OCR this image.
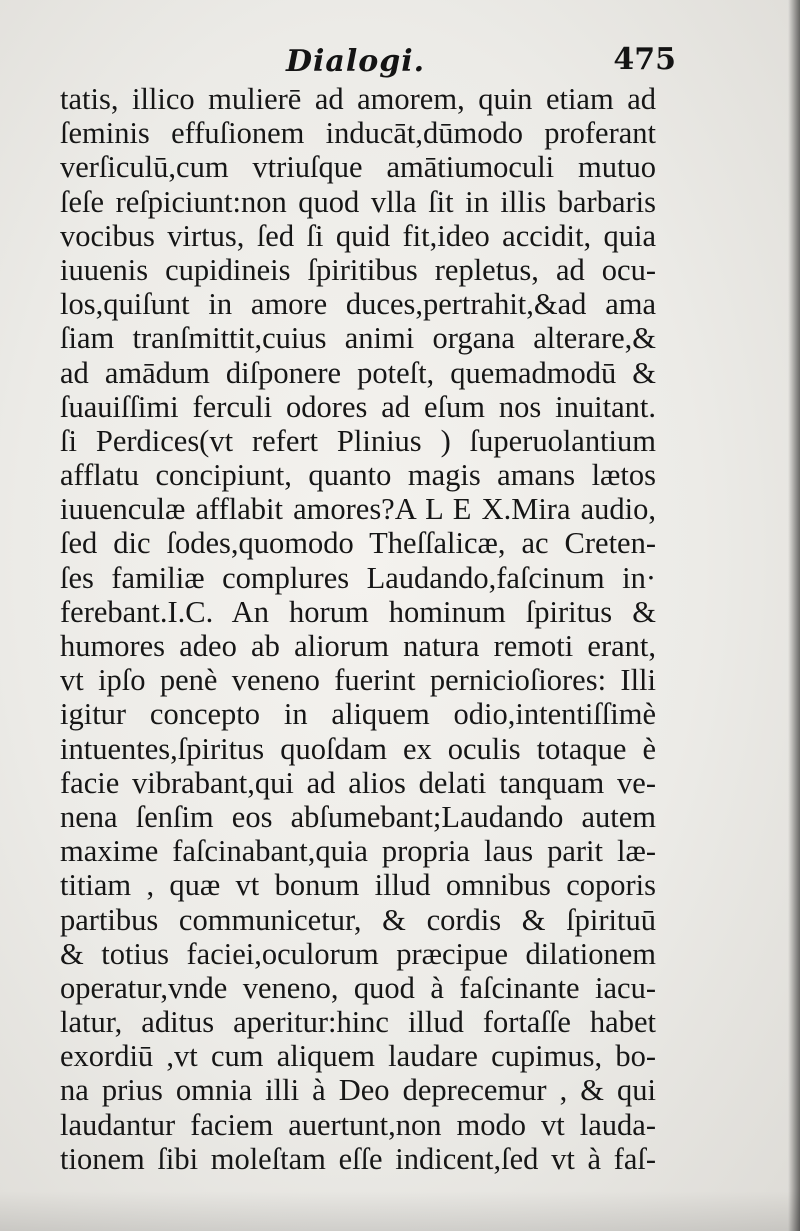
Dialogi.	475
tatis, illico mulierē ad amorem, quin etiam ad
ſeminis effuſionem inducāt,dūmodo proferant
verſiculū,cum vtriuſque amātiumoculi mutuo
ſeſe reſpiciunt:non quod vlla ſit in illis barbaris
vocibus virtus, ſed ſi quid fit,ideo accidit, quia
iuuenis cupidineis ſpiritibus repletus, ad ocu-
los,quiſunt in amore duces,pertrahit,&ad ama
ſiam tranſmittit,cuius animi organa alterare,&
ad amādum diſponere poteſt, quemadmodū &
ſuauiſſimi ferculi odores ad eſum nos inuitant.
ſi Perdices(vt refert Plinius ) ſuperuolantium
afflatu concipiunt, quanto magis amans lætos
iuuenculæ afflabit amores?A L E X.Mira audio,
ſed dic ſodes,quomodo Theſſalicæ, ac Creten-
ſes familiæ complures Laudando,faſcinum in·
ferebant.I.C. An horum hominum ſpiritus &
humores adeo ab aliorum natura remoti erant,
vt ipſo penè veneno fuerint pernicioſiores: Illi
igitur concepto in aliquem odio,intentiſſimè
intuentes,ſpiritus quoſdam ex oculis totaque è
facie vibrabant,qui ad alios delati tanquam ve-
nena ſenſim eos abſumebant;Laudando autem
maxime faſcinabant,quia propria laus parit læ-
titiam , quæ vt bonum illud omnibus coporis
partibus communicetur, & cordis & ſpirituū
& totius faciei,oculorum præcipue dilationem
operatur,vnde veneno, quod à faſcinante iacu-
latur, aditus aperitur:hinc illud fortaſſe habet
exordiū ,vt cum aliquem laudare cupimus, bo-
na prius omnia illi à Deo deprecemur , & qui
laudantur faciem auertunt,non modo vt lauda-
tionem ſibi moleſtam eſſe indicent,ſed vt à faſ-
